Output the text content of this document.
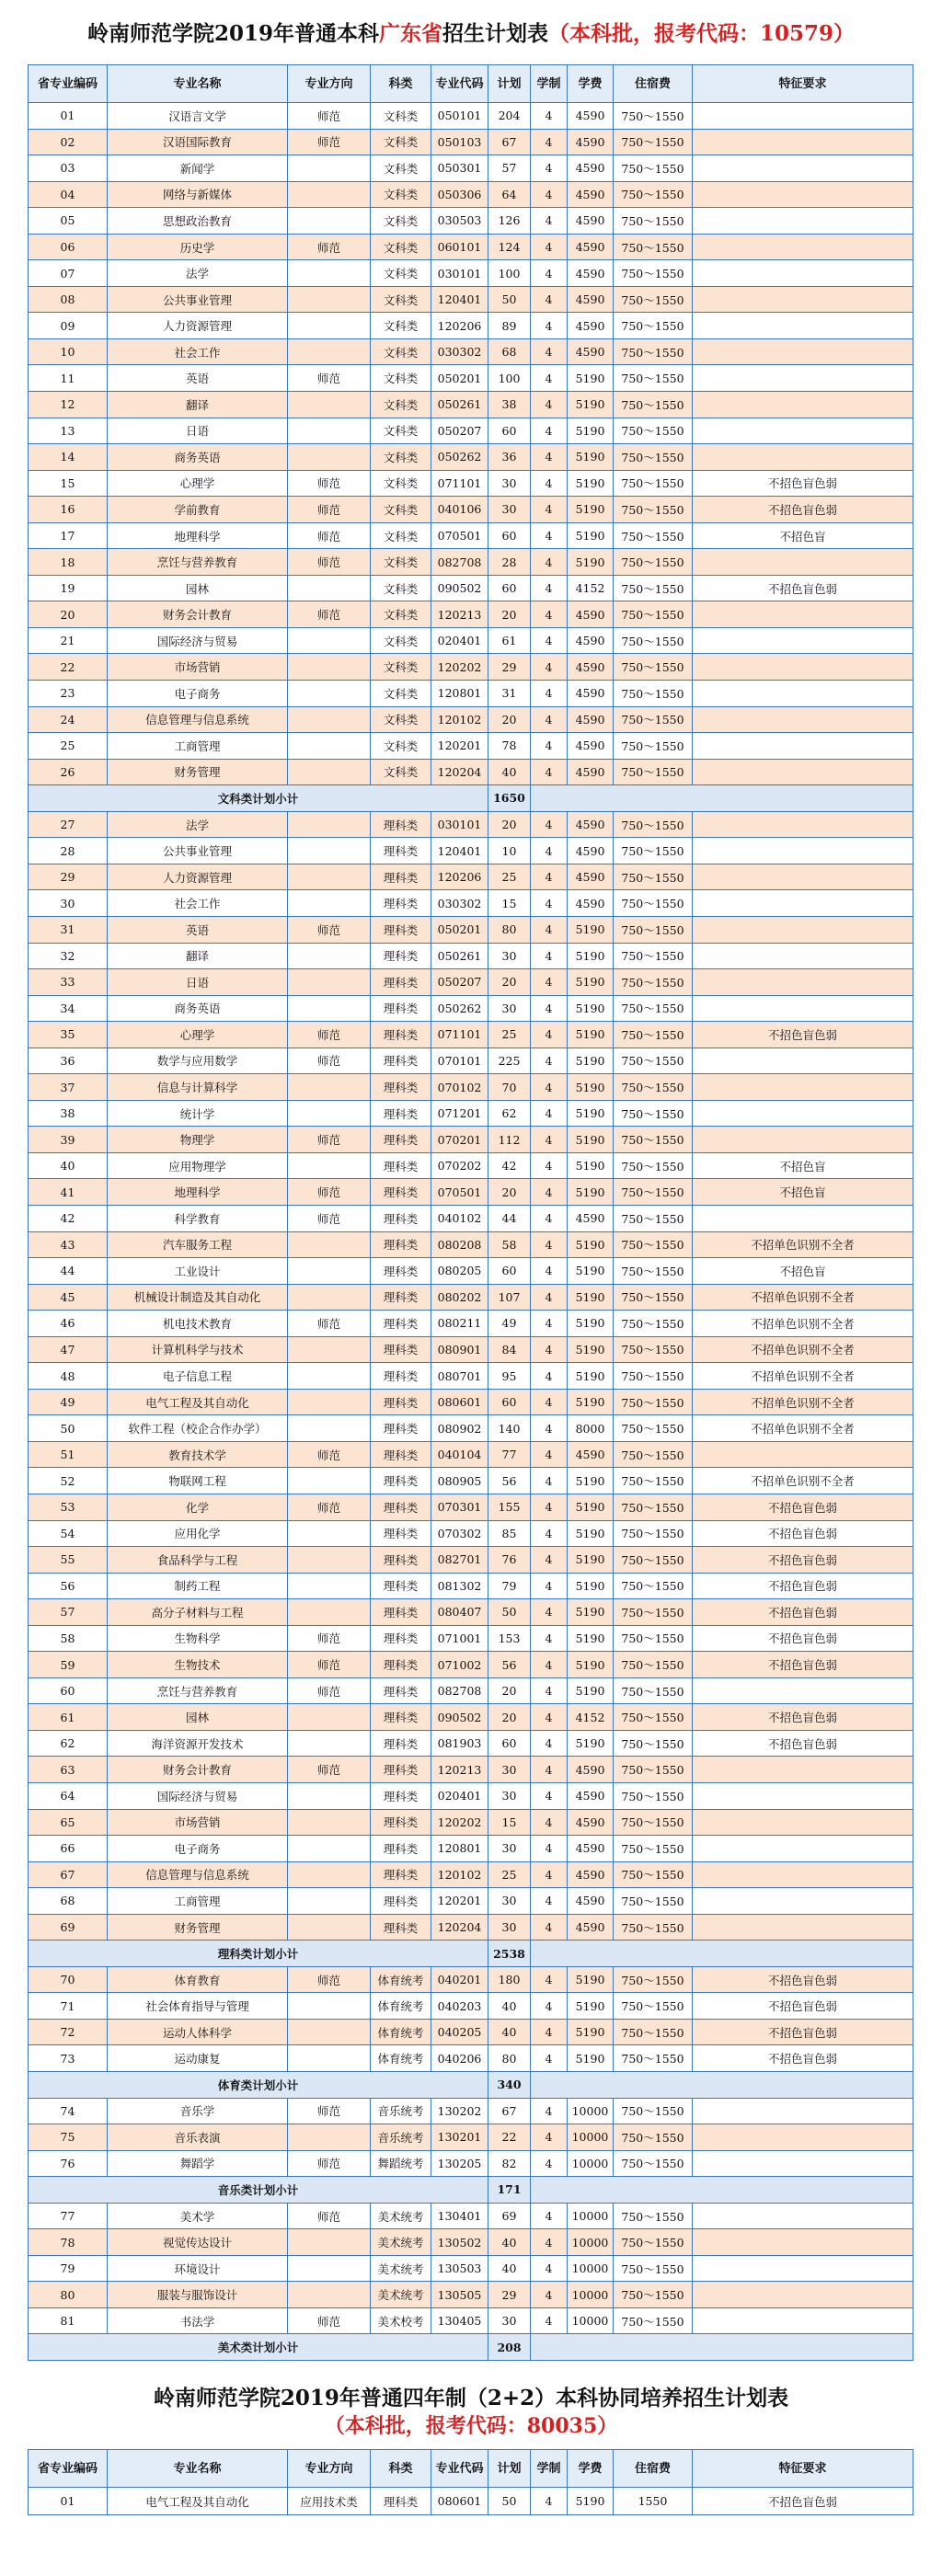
岭南师范学院2019年普通本科广东省招生计划表（本科批，报考代码：10579）
省专业编码	专业名称	专业方向	科类	专业代码	计划	学制	学费	住宿费	特征要求
01	汉语言文学	师范	文科类	050101	204	4	4590	750～1550	
02	汉语国际教育	师范	文科类	050103	67	4	4590	750～1550	
03	新闻学		文科类	050301	57	4	4590	750～1550	
04	网络与新媒体		文科类	050306	64	4	4590	750～1550	
05	思想政治教育		文科类	030503	126	4	4590	750～1550	
06	历史学	师范	文科类	060101	124	4	4590	750～1550	
07	法学		文科类	030101	100	4	4590	750～1550	
08	公共事业管理		文科类	120401	50	4	4590	750～1550	
09	人力资源管理		文科类	120206	89	4	4590	750～1550	
10	社会工作		文科类	030302	68	4	4590	750～1550	
11	英语	师范	文科类	050201	100	4	5190	750～1550	
12	翻译		文科类	050261	38	4	5190	750～1550	
13	日语		文科类	050207	60	4	5190	750～1550	
14	商务英语		文科类	050262	36	4	5190	750～1550	
15	心理学	师范	文科类	071101	30	4	5190	750～1550	不招色盲色弱
16	学前教育	师范	文科类	040106	30	4	5190	750～1550	不招色盲色弱
17	地理科学	师范	文科类	070501	60	4	5190	750～1550	不招色盲
18	烹饪与营养教育	师范	文科类	082708	28	4	5190	750～1550	
19	园林		文科类	090502	60	4	4152	750～1550	不招色盲色弱
20	财务会计教育	师范	文科类	120213	20	4	4590	750～1550	
21	国际经济与贸易		文科类	020401	61	4	4590	750～1550	
22	市场营销		文科类	120202	29	4	4590	750～1550	
23	电子商务		文科类	120801	31	4	4590	750～1550	
24	信息管理与信息系统		文科类	120102	20	4	4590	750～1550	
25	工商管理		文科类	120201	78	4	4590	750～1550	
26	财务管理		文科类	120204	40	4	4590	750～1550	
文科类计划小计					1650				
27	法学		理科类	030101	20	4	4590	750～1550	
28	公共事业管理		理科类	120401	10	4	4590	750～1550	
29	人力资源管理		理科类	120206	25	4	4590	750～1550	
30	社会工作		理科类	030302	15	4	4590	750～1550	
31	英语	师范	理科类	050201	80	4	5190	750～1550	
32	翻译		理科类	050261	30	4	5190	750～1550	
33	日语		理科类	050207	20	4	5190	750～1550	
34	商务英语		理科类	050262	30	4	5190	750～1550	
35	心理学	师范	理科类	071101	25	4	5190	750～1550	不招色盲色弱
36	数学与应用数学	师范	理科类	070101	225	4	5190	750～1550	
37	信息与计算科学		理科类	070102	70	4	5190	750～1550	
38	统计学		理科类	071201	62	4	5190	750～1550	
39	物理学	师范	理科类	070201	112	4	5190	750～1550	
40	应用物理学		理科类	070202	42	4	5190	750～1550	不招色盲
41	地理科学	师范	理科类	070501	20	4	5190	750～1550	不招色盲
42	科学教育	师范	理科类	040102	44	4	4590	750～1550	
43	汽车服务工程		理科类	080208	58	4	5190	750～1550	不招单色识别不全者
44	工业设计		理科类	080205	60	4	5190	750～1550	不招色盲
45	机械设计制造及其自动化		理科类	080202	107	4	5190	750～1550	不招单色识别不全者
46	机电技术教育	师范	理科类	080211	49	4	5190	750～1550	不招单色识别不全者
47	计算机科学与技术		理科类	080901	84	4	5190	750～1550	不招单色识别不全者
48	电子信息工程		理科类	080701	95	4	5190	750～1550	不招单色识别不全者
49	电气工程及其自动化		理科类	080601	60	4	5190	750～1550	不招单色识别不全者
50	软件工程（校企合作办学）		理科类	080902	140	4	8000	750～1550	不招单色识别不全者
51	教育技术学	师范	理科类	040104	77	4	4590	750～1550	
52	物联网工程		理科类	080905	56	4	5190	750～1550	不招单色识别不全者
53	化学	师范	理科类	070301	155	4	5190	750～1550	不招色盲色弱
54	应用化学		理科类	070302	85	4	5190	750～1550	不招色盲色弱
55	食品科学与工程		理科类	082701	76	4	5190	750～1550	不招色盲色弱
56	制药工程		理科类	081302	79	4	5190	750～1550	不招色盲色弱
57	高分子材料与工程		理科类	080407	50	4	5190	750～1550	不招色盲色弱
58	生物科学	师范	理科类	071001	153	4	5190	750～1550	不招色盲色弱
59	生物技术	师范	理科类	071002	56	4	5190	750～1550	不招色盲色弱
60	烹饪与营养教育	师范	理科类	082708	20	4	5190	750～1550	
61	园林		理科类	090502	20	4	4152	750～1550	不招色盲色弱
62	海洋资源开发技术		理科类	081903	60	4	5190	750～1550	不招色盲色弱
63	财务会计教育	师范	理科类	120213	30	4	4590	750～1550	
64	国际经济与贸易		理科类	020401	30	4	4590	750～1550	
65	市场营销		理科类	120202	15	4	4590	750～1550	
66	电子商务		理科类	120801	30	4	4590	750～1550	
67	信息管理与信息系统		理科类	120102	25	4	4590	750～1550	
68	工商管理		理科类	120201	30	4	4590	750～1550	
69	财务管理		理科类	120204	30	4	4590	750～1550	
理科类计划小计					2538				
70	体育教育	师范	体育统考	040201	180	4	5190	750～1550	不招色盲色弱
71	社会体育指导与管理		体育统考	040203	40	4	5190	750～1550	不招色盲色弱
72	运动人体科学		体育统考	040205	40	4	5190	750～1550	不招色盲色弱
73	运动康复		体育统考	040206	80	4	5190	750～1550	不招色盲色弱
体育类计划小计					340				
74	音乐学	师范	音乐统考	130202	67	4	10000	750～1550	
75	音乐表演		音乐统考	130201	22	4	10000	750～1550	
76	舞蹈学	师范	舞蹈统考	130205	82	4	10000	750～1550	
音乐类计划小计					171				
77	美术学	师范	美术统考	130401	69	4	10000	750～1550	
78	视觉传达设计		美术统考	130502	40	4	10000	750～1550	
79	环境设计		美术统考	130503	40	4	10000	750～1550	
80	服装与服饰设计		美术统考	130505	29	4	10000	750～1550	
81	书法学	师范	美术校考	130405	30	4	10000	750～1550	
美术类计划小计					208				
岭南师范学院2019年普通四年制（2+2）本科协同培养招生计划表
（本科批，报考代码：80035）
省专业编码	专业名称	专业方向	科类	专业代码	计划	学制	学费	住宿费	特征要求
01	电气工程及其自动化	应用技术类	理科类	080601	50	4	5190	1550	不招色盲色弱
